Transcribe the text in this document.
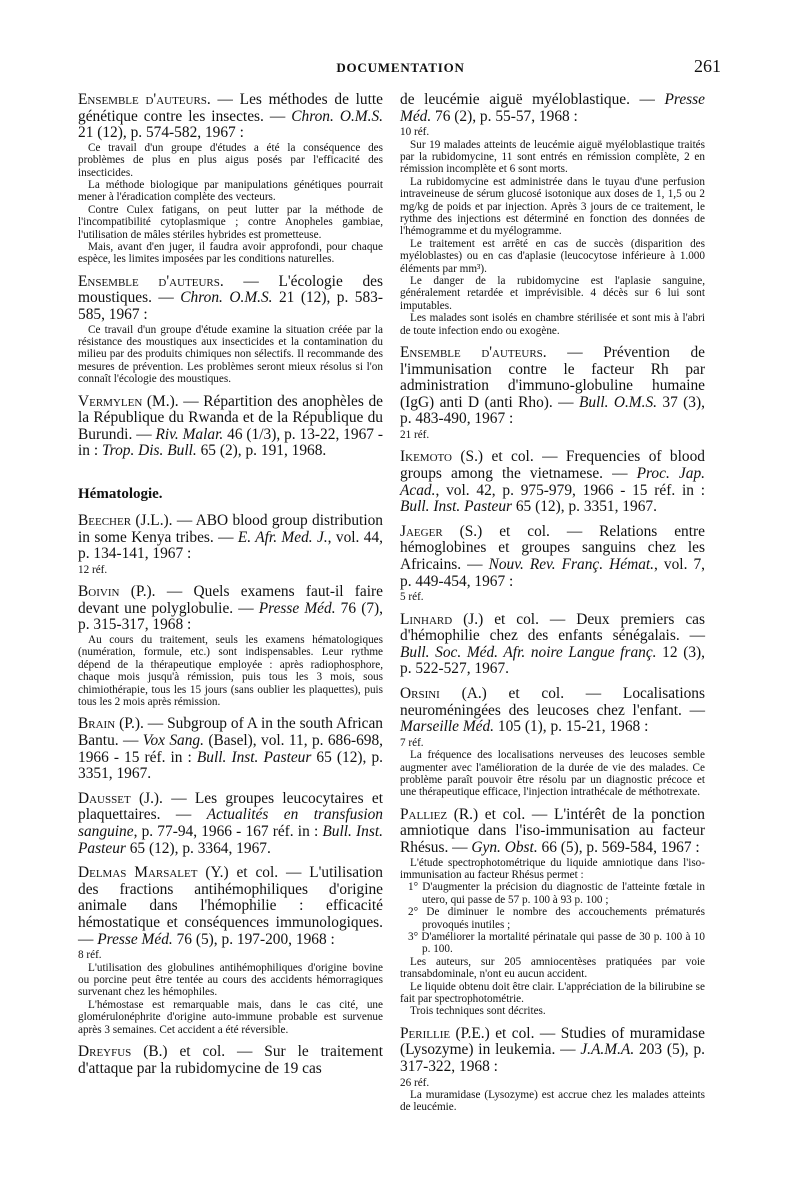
DOCUMENTATION	261

Ensemble d'auteurs. — Les méthodes de lutte génétique contre les insectes. — Chron. O.M.S. 21 (12), p. 574-582, 1967 :

Ce travail d'un groupe d'études a été la conséquence des problèmes de plus en plus aigus posés par l'efficacité des insecticides.

La méthode biologique par manipulations génétiques pourrait mener à l'éradication complète des vecteurs.

Contre Culex fatigans, on peut lutter par la méthode de l'incompatibilité cytoplasmique ; contre Anopheles gambiae, l'utilisation de mâles stériles hybrides est prometteuse.

Mais, avant d'en juger, il faudra avoir approfondi, pour chaque espèce, les limites imposées par les conditions naturelles.

Ensemble d'auteurs. — L'écologie des moustiques. — Chron. O.M.S. 21 (12), p. 583-585, 1967 :

Ce travail d'un groupe d'étude examine la situation créée par la résistance des moustiques aux insecticides et la contamination du milieu par des produits chimiques non sélectifs. Il recommande des mesures de prévention. Les problèmes seront mieux résolus si l'on connaît l'écologie des moustiques.

Vermylen (M.). — Répartition des anophèles de la République du Rwanda et de la République du Burundi. — Riv. Malar. 46 (1/3), p. 13-22, 1967 - in : Trop. Dis. Bull. 65 (2), p. 191, 1968.

Hématologie.

Beecher (J.L.). — ABO blood group distribution in some Kenya tribes. — E. Afr. Med. J., vol. 44, p. 134-141, 1967 :

12 réf.

Boivin (P.). — Quels examens faut-il faire devant une polyglobulie. — Presse Méd. 76 (7), p. 315-317, 1968 :

Au cours du traitement, seuls les examens hématologiques (numération, formule, etc.) sont indispensables. Leur rythme dépend de la thérapeutique employée : après radiophosphore, chaque mois jusqu'à rémission, puis tous les 3 mois, sous chimiothérapie, tous les 15 jours (sans oublier les plaquettes), puis tous les 2 mois après rémission.

Brain (P.). — Subgroup of A in the south African Bantu. — Vox Sang. (Basel), vol. 11, p. 686-698, 1966 - 15 réf. in : Bull. Inst. Pasteur 65 (12), p. 3351, 1967.

Dausset (J.). — Les groupes leucocytaires et plaquettaires. — Actualités en transfusion sanguine, p. 77-94, 1966 - 167 réf. in : Bull. Inst. Pasteur 65 (12), p. 3364, 1967.

Delmas Marsalet (Y.) et col. — L'utilisation des fractions antihémophiliques d'origine animale dans l'hémophilie : efficacité hémostatique et conséquences immunologiques. — Presse Méd. 76 (5), p. 197-200, 1968 :

8 réf.

L'utilisation des globulines antihémophiliques d'origine bovine ou porcine peut être tentée au cours des accidents hémorragiques survenant chez les hémophiles.

L'hémostase est remarquable mais, dans le cas cité, une glomérulonéphrite d'origine auto-immune probable est survenue après 3 semaines. Cet accident a été réversible.

Dreyfus (B.) et col. — Sur le traitement d'attaque par la rubidomycine de 19 cas

de leucémie aiguë myéloblastique. — Presse Méd. 76 (2), p. 55-57, 1968 :

10 réf.

Sur 19 malades atteints de leucémie aiguë myéloblastique traités par la rubidomycine, 11 sont entrés en rémission complète, 2 en rémission incomplète et 6 sont morts.

La rubidomycine est administrée dans le tuyau d'une perfusion intraveineuse de sérum glucosé isotonique aux doses de 1, 1,5 ou 2 mg/kg de poids et par injection. Après 3 jours de ce traitement, le rythme des injections est déterminé en fonction des données de l'hémogramme et du myélogramme.

Le traitement est arrêté en cas de succès (disparition des myéloblastes) ou en cas d'aplasie (leucocytose inférieure à 1.000 éléments par mm³).

Le danger de la rubidomycine est l'aplasie sanguine, généralement retardée et imprévisible. 4 décès sur 6 lui sont imputables.

Les malades sont isolés en chambre stérilisée et sont mis à l'abri de toute infection endo ou exogène.

Ensemble d'auteurs. — Prévention de l'immunisation contre le facteur Rh par administration d'immuno-globuline humaine (IgG) anti D (anti Rho). — Bull. O.M.S. 37 (3), p. 483-490, 1967 :

21 réf.

Ikemoto (S.) et col. — Frequencies of blood groups among the vietnamese. — Proc. Jap. Acad., vol. 42, p. 975-979, 1966 - 15 réf. in : Bull. Inst. Pasteur 65 (12), p. 3351, 1967.

Jaeger (S.) et col. — Relations entre hémoglobines et groupes sanguins chez les Africains. — Nouv. Rev. Franç. Hémat., vol. 7, p. 449-454, 1967 :

5 réf.

Linhard (J.) et col. — Deux premiers cas d'hémophilie chez des enfants sénégalais. — Bull. Soc. Méd. Afr. noire Langue franç. 12 (3), p. 522-527, 1967.

Orsini (A.) et col. — Localisations neuroméningées des leucoses chez l'enfant. — Marseille Méd. 105 (1), p. 15-21, 1968 :

7 réf.

La fréquence des localisations nerveuses des leucoses semble augmenter avec l'amélioration de la durée de vie des malades. Ce problème paraît pouvoir être résolu par un diagnostic précoce et une thérapeutique efficace, l'injection intrathécale de méthotrexate.

Palliez (R.) et col. — L'intérêt de la ponction amniotique dans l'iso-immunisation au facteur Rhésus. — Gyn. Obst. 66 (5), p. 569-584, 1967 :

L'étude spectrophotométrique du liquide amniotique dans l'iso-immunisation au facteur Rhésus permet :

1° D'augmenter la précision du diagnostic de l'atteinte fœtale in utero, qui passe de 57 p. 100 à 93 p. 100 ;

2° De diminuer le nombre des accouchements prématurés provoqués inutiles ;

3° D'améliorer la mortalité périnatale qui passe de 30 p. 100 à 10 p. 100.

Les auteurs, sur 205 amniocentèses pratiquées par voie transabdominale, n'ont eu aucun accident.

Le liquide obtenu doit être clair. L'appréciation de la bilirubine se fait par spectrophotométrie.

Trois techniques sont décrites.

Perillie (P.E.) et col. — Studies of muramidase (Lysozyme) in leukemia. — J.A.M.A. 203 (5), p. 317-322, 1968 :

26 réf.

La muramidase (Lysozyme) est accrue chez les malades atteints de leucémie.
